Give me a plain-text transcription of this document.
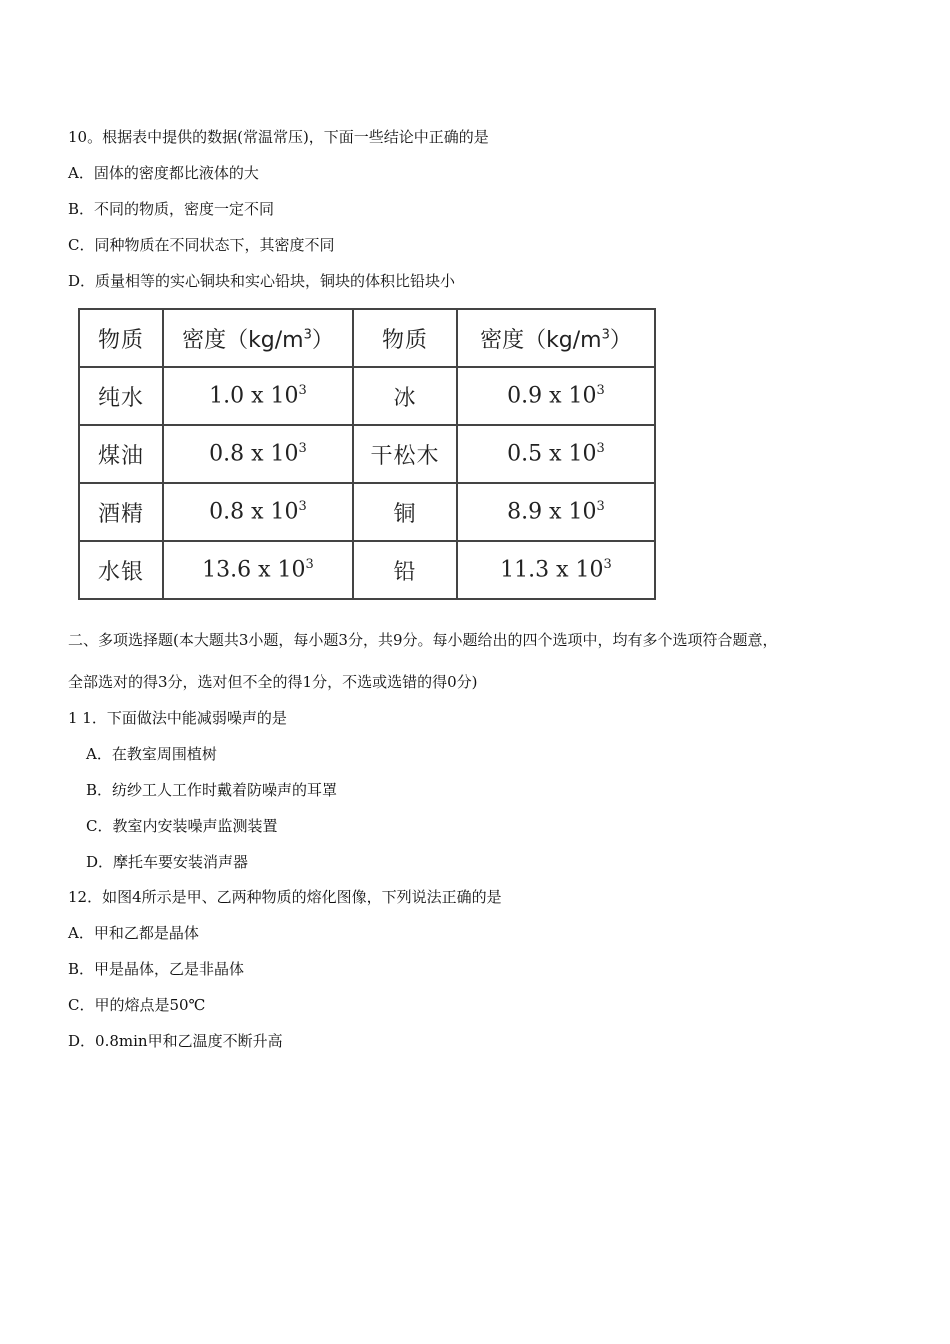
10。根据表中提供的数据(常温常压)，下面一些结论中正确的是
A．固体的密度都比液体的大
B．不同的物质，密度一定不同
C．同种物质在不同状态下，其密度不同
D．质量相等的实心铜块和实心铅块，铜块的体积比铅块小
物质	密度$(kg/m^3)$	物质	密度$(kg/m^3)$
纯水	1.0 x $10^3$	冰	0.9 x $10^3$
煤油	0.8 x $10^3$	干松木	0.5 x $10^3$
酒精	0.8 x $10^3$	铜	8.9 x $10^3$
水银	13.6 x $10^3$	铅	11.3 x $10^3$
二、多项选择题(本大题共3小题，每小题3分，共9分。每小题给出的四个选项中，均有多个选项符合题意，
全部选对的得3分，选对但不全的得1分，不选或选错的得0分)
1 1．下面做法中能减弱噪声的是
A．在教室周围植树
B．纺纱工人工作时戴着防噪声的耳罩
C．教室内安装噪声监测装置
D．摩托车要安装消声器
12．如图4所示是甲、乙两种物质的熔化图像，下列说法正确的是
A．甲和乙都是晶体
B．甲是晶体，乙是非晶体
C．甲的熔点是50℃
D．0.8min甲和乙温度不断升高
